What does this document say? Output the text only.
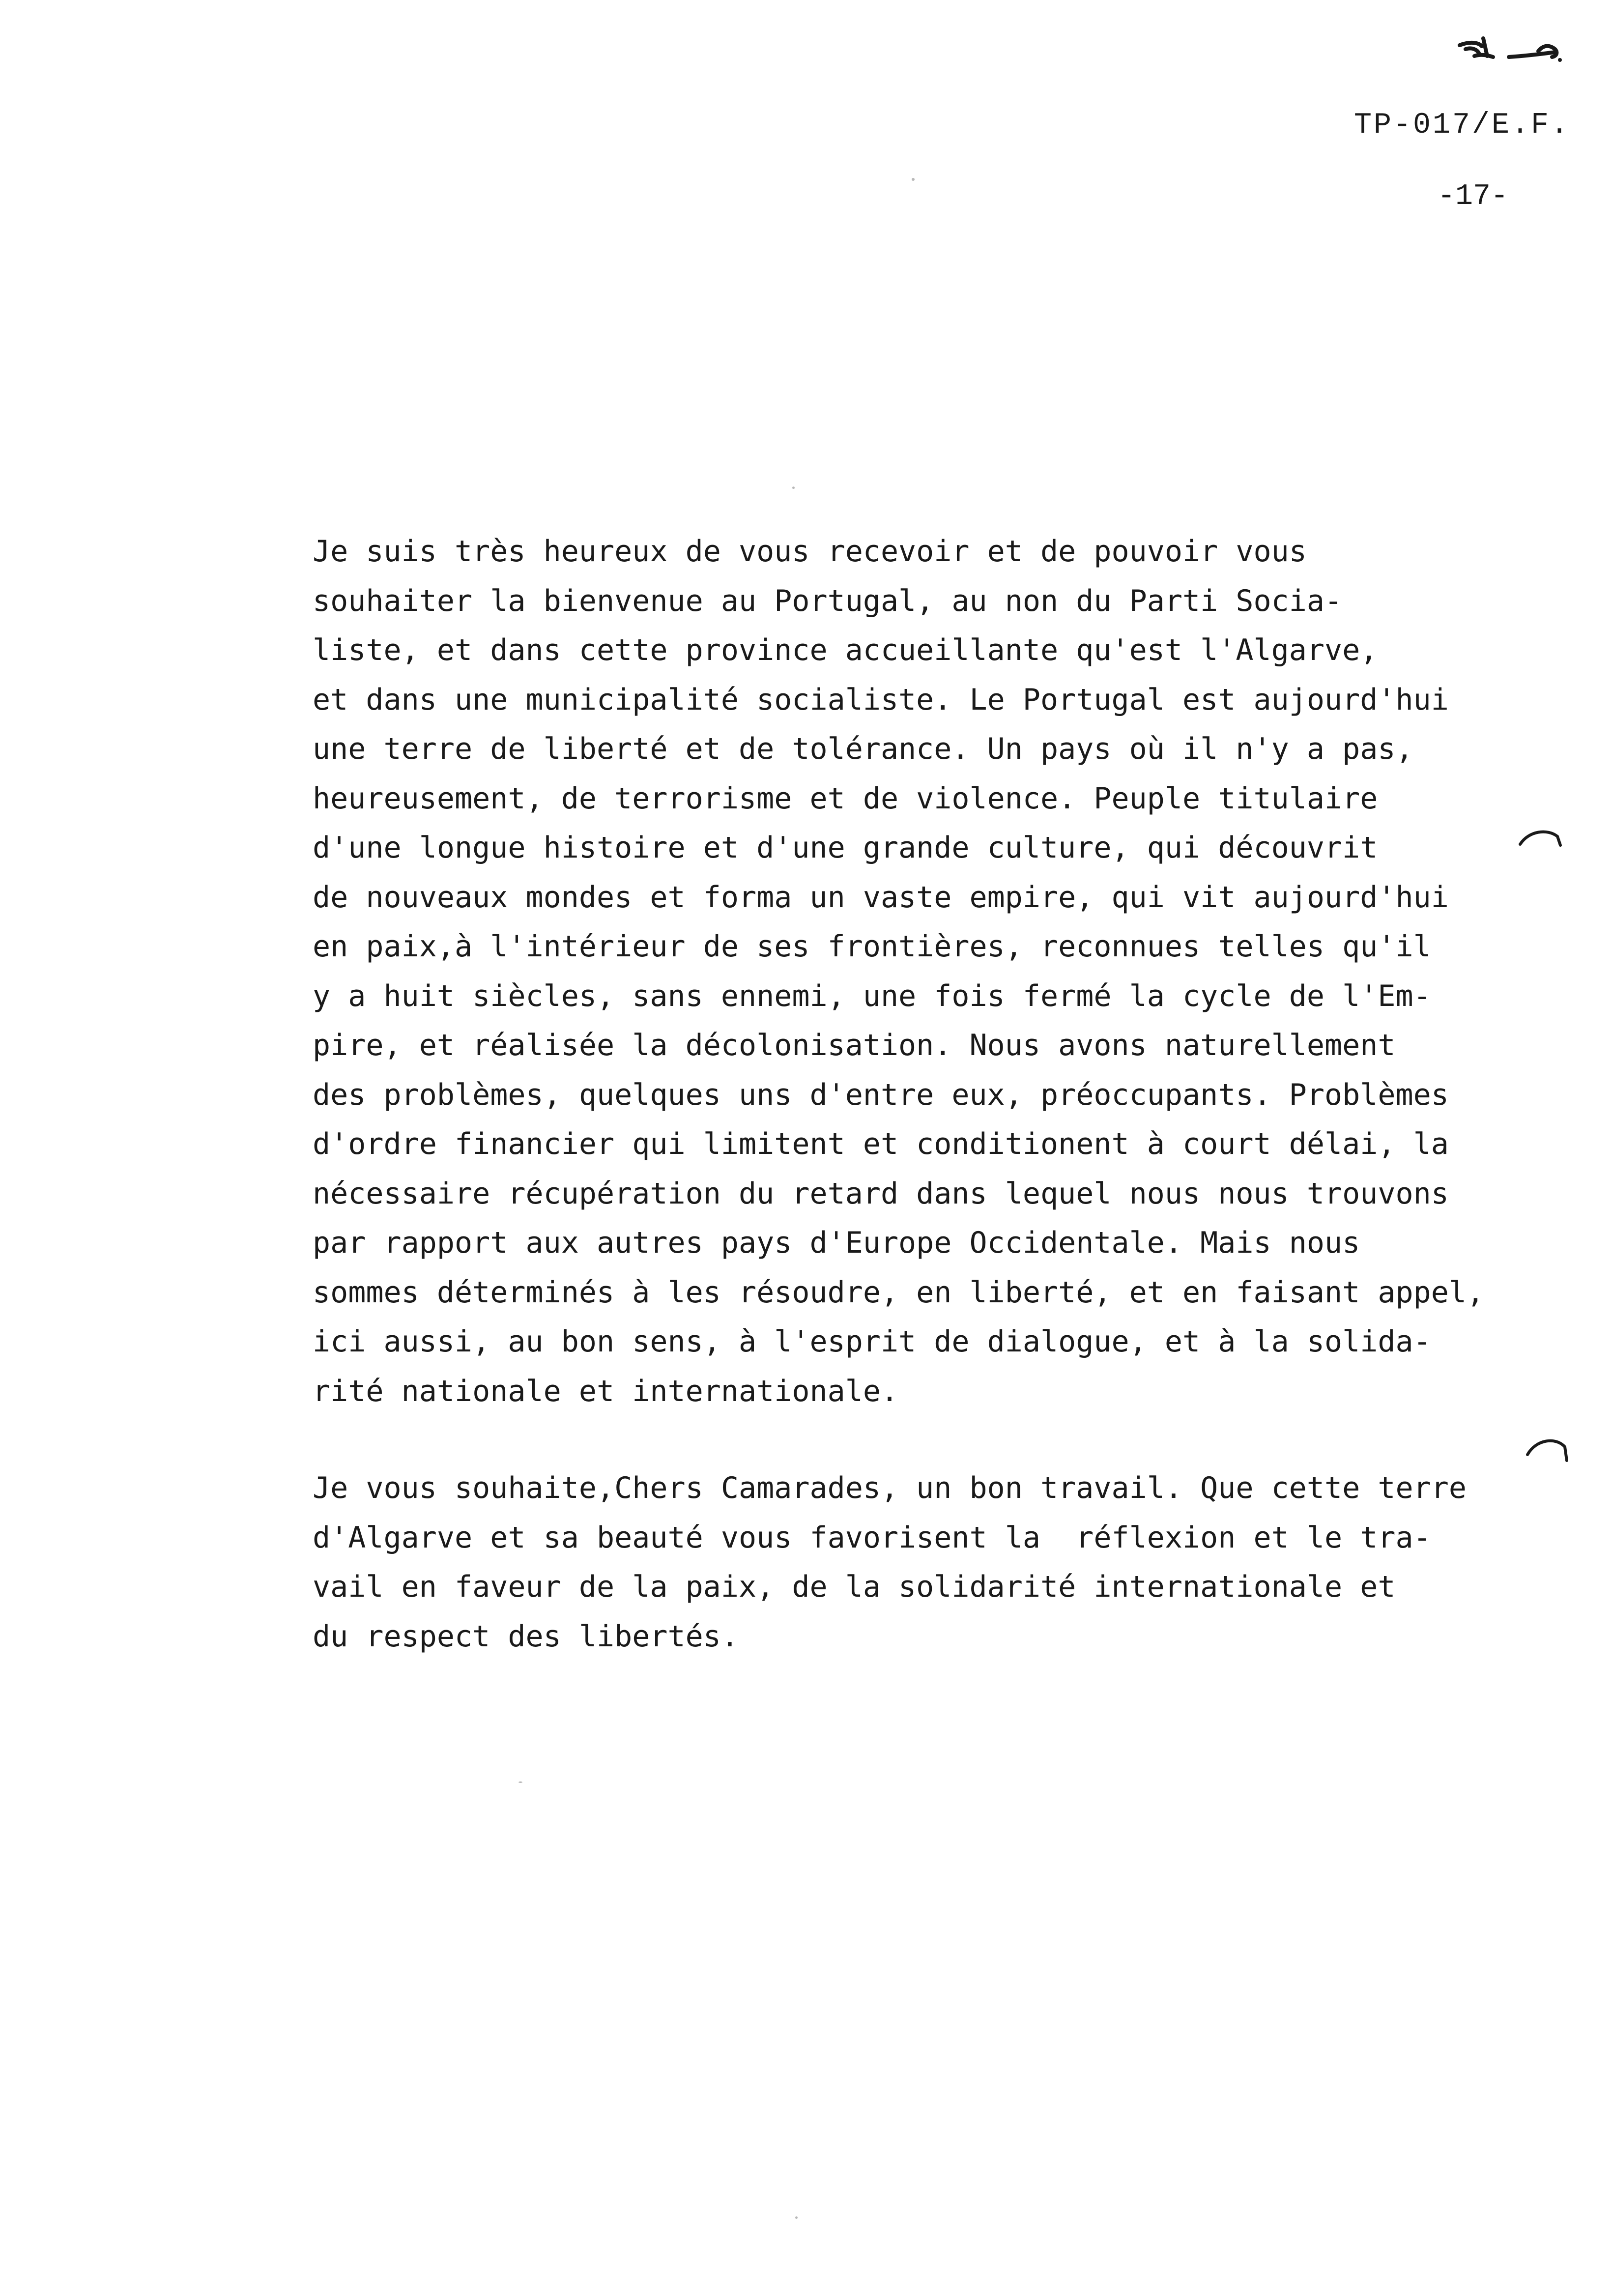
TP-017/E.F.
-17-
Je suis très heureux de vous recevoir et de pouvoir vous
souhaiter la bienvenue au Portugal, au non du Parti Socia-
liste, et dans cette province accueillante qu'est l'Algarve,
et dans une municipalité socialiste. Le Portugal est aujourd'hui
une terre de liberté et de tolérance. Un pays où il n'y a pas,
heureusement, de terrorisme et de violence. Peuple titulaire
d'une longue histoire et d'une grande culture, qui découvrit
de nouveaux mondes et forma un vaste empire, qui vit aujourd'hui
en paix,à l'intérieur de ses frontières, reconnues telles qu'il
y a huit siècles, sans ennemi, une fois fermé la cycle de l'Em-
pire, et réalisée la décolonisation. Nous avons naturellement
des problèmes, quelques uns d'entre eux, préoccupants. Problèmes
d'ordre financier qui limitent et conditionent à court délai, la
nécessaire récupération du retard dans lequel nous nous trouvons
par rapport aux autres pays d'Europe Occidentale. Mais nous
sommes déterminés à les résoudre, en liberté, et en faisant appel,
ici aussi, au bon sens, à l'esprit de dialogue, et à la solida-
rité nationale et internationale.
Je vous souhaite,Chers Camarades, un bon travail. Que cette terre
d'Algarve et sa beauté vous favorisent la  réflexion et le tra-
vail en faveur de la paix, de la solidarité internationale et
du respect des libertés.
